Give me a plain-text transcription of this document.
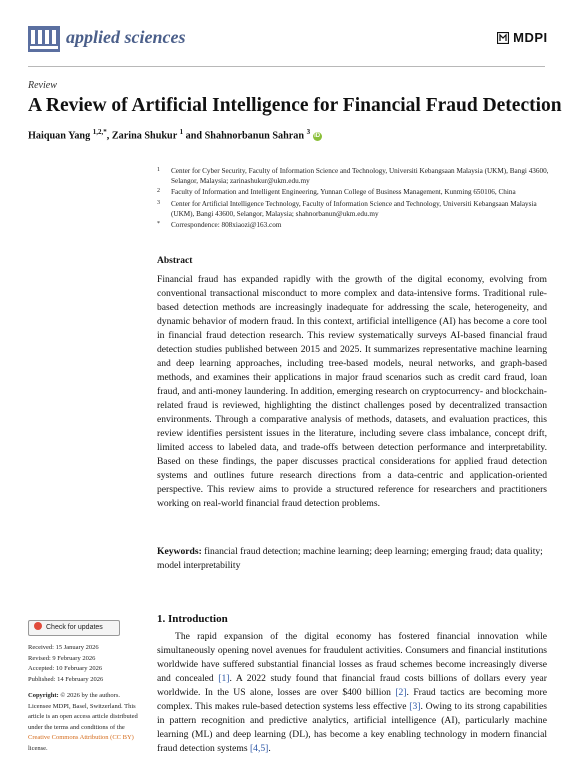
applied sciences	MDPI
Review
A Review of Artificial Intelligence for Financial Fraud Detection
Haiquan Yang $^{1,2,*}$, Zarina Shukur $^1$ and Shahnorbanun Sahran $^3$ iD
1 Center for Cyber Security, Faculty of Information Science and Technology, Universiti Kebangsaan Malaysia (UKM), Bangi 43600, Selangor, Malaysia; zarinashukur@ukm.edu.my
2 Faculty of Information and Intelligent Engineering, Yunnan College of Business Management, Kunming 650106, China
3 Center for Artificial Intelligence Technology, Faculty of Information Science and Technology, Universiti Kebangsaan Malaysia (UKM), Bangi 43600, Selangor, Malaysia; shahnorbanun@ukm.edu.my
* Correspondence: 808xiaozi@163.com
Abstract
Financial fraud has expanded rapidly with the growth of the digital economy, evolving from conventional transactional misconduct to more complex and data-intensive forms. Traditional rule-based detection methods are increasingly inadequate for addressing the scale, heterogeneity, and dynamic behavior of modern fraud. In this context, artificial intelligence (AI) has become a core tool in financial fraud detection research. This review systematically surveys AI-based financial fraud detection studies published between 2015 and 2025. It summarizes representative machine learning and deep learning approaches, including tree-based models, neural networks, and graph-based methods, and examines their applications in major fraud scenarios such as credit card fraud, loan fraud, and anti-money laundering. In addition, emerging research on cryptocurrency- and blockchain-related fraud is reviewed, highlighting the distinct challenges posed by decentralized transaction environments. Through a comparative analysis of methods, datasets, and evaluation practices, this review identifies persistent issues in the literature, including severe class imbalance, concept drift, limited access to labeled data, and trade-offs between detection performance and interpretability. Based on these findings, the paper discusses practical considerations for applied fraud detection systems and outlines future research directions from a data-centric and application-oriented perspective. This review aims to provide a structured reference for researchers and practitioners working on real-world financial fraud detection problems.
Keywords: financial fraud detection; machine learning; deep learning; emerging fraud; data quality; model interpretability
Check for updates
Received: 15 January 2026
Revised: 9 February 2026
Accepted: 10 February 2026
Published: 14 February 2026
Copyright: © 2026 by the authors. Licensee MDPI, Basel, Switzerland. This article is an open access article distributed under the terms and conditions of the Creative Commons Attribution (CC BY) license.
1. Introduction

The rapid expansion of the digital economy has fostered financial innovation while simultaneously opening novel avenues for fraudulent activities. Consumers and financial institutions worldwide have suffered substantial financial losses as fraud schemes become increasingly diverse and concealed [1]. A 2022 study found that financial fraud costs billions of dollars every year worldwide. In the US alone, losses are over $400 billion [2]. Fraud tactics are becoming more complex. This makes rule-based detection systems less effective [3]. Owing to its strong capabilities in pattern recognition and predictive analytics, artificial intelligence (AI), particularly machine learning (ML) and deep learning (DL), has become a key enabling technology in modern financial fraud detection systems [4,5].
